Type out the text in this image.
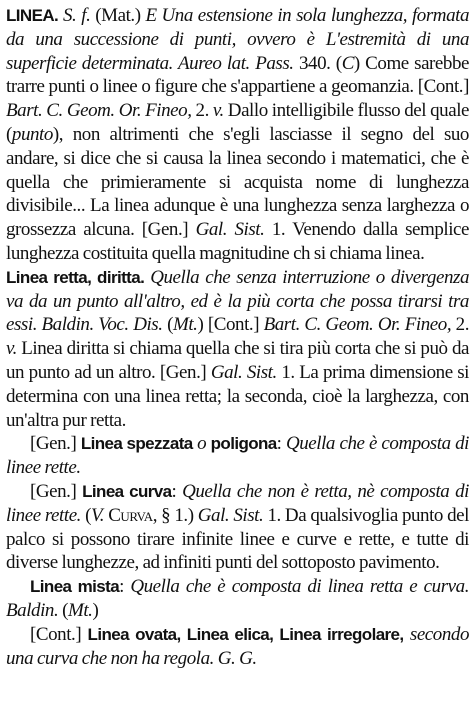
LINEA. S. f. (Mat.) E Una estensione in sola lunghezza, formata da una successione di punti, ovvero è L'estremità di una superficie determinata. Aureo lat. Pass. 340. (C) Come sarebbe trarre punti o linee o figure che s'appartiene a geomanzia. [Cont.] Bart. C. Geom. Or. Fineo, 2. v. Dallo intelligibile flusso del quale (punto), non altrimenti che s'egli lasciasse il segno del suo andare, si dice che si causa la linea secondo i matematici, che è quella che primieramente si acquista nome di lunghezza divisibile... La linea adunque è una lunghezza senza larghezza o grossezza alcuna. [Gen.] Gal. Sist. 1. Venendo dalla semplice lunghezza costituita quella magnitudine ch si chiama linea.

Linea retta, diritta. Quella che senza interruzione o divergenza va da un punto all'altro, ed è la più corta che possa tirarsi tra essi. Baldin. Voc. Dis. (Mt.) [Cont.] Bart. C. Geom. Or. Fineo, 2. v. Linea diritta si chiama quella che si tira più corta che si può da un punto ad un altro. [Gen.] Gal. Sist. 1. La prima dimensione si determina con una linea retta; la seconda, cioè la larghezza, con un'altra pur retta.

[Gen.] Linea spezzata o poligona: Quella che è composta di linee rette.

[Gen.] Linea curva: Quella che non è retta, nè composta di linee rette. (V. Curva, § 1.) Gal. Sist. 1. Da qualsivoglia punto del palco si possono tirare infinite linee e curve e rette, e tutte di diverse lunghezze, ad infiniti punti del sottoposto pavimento.

Linea mista: Quella che è composta di linea retta e curva. Baldin. (Mt.)

[Cont.] Linea ovata, Linea elica, Linea irregolare, secondo una curva che non ha regola. G. G.
